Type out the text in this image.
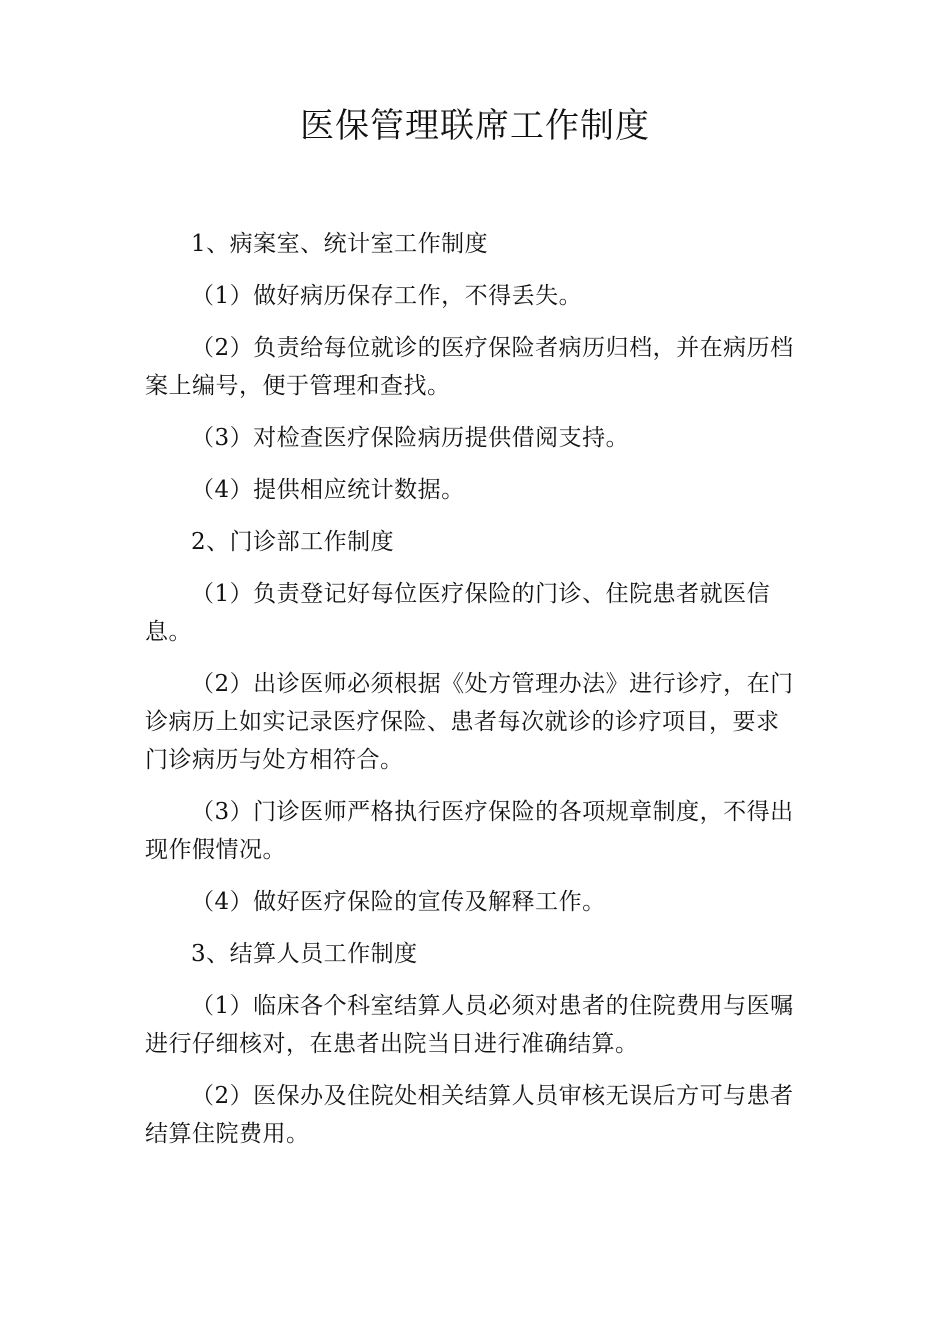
医保管理联席工作制度

1、病案室、统计室工作制度

（1）做好病历保存工作，不得丢失。

（2）负责给每位就诊的医疗保险者病历归档，并在病历档案上编号，便于管理和查找。

（3）对检查医疗保险病历提供借阅支持。

（4）提供相应统计数据。

2、门诊部工作制度

（1）负责登记好每位医疗保险的门诊、住院患者就医信息。

（2）出诊医师必须根据《处方管理办法》进行诊疗，在门诊病历上如实记录医疗保险、患者每次就诊的诊疗项目，要求门诊病历与处方相符合。

（3）门诊医师严格执行医疗保险的各项规章制度，不得出现作假情况。

（4）做好医疗保险的宣传及解释工作。

3、结算人员工作制度

（1）临床各个科室结算人员必须对患者的住院费用与医嘱进行仔细核对，在患者出院当日进行准确结算。

（2）医保办及住院处相关结算人员审核无误后方可与患者结算住院费用。
